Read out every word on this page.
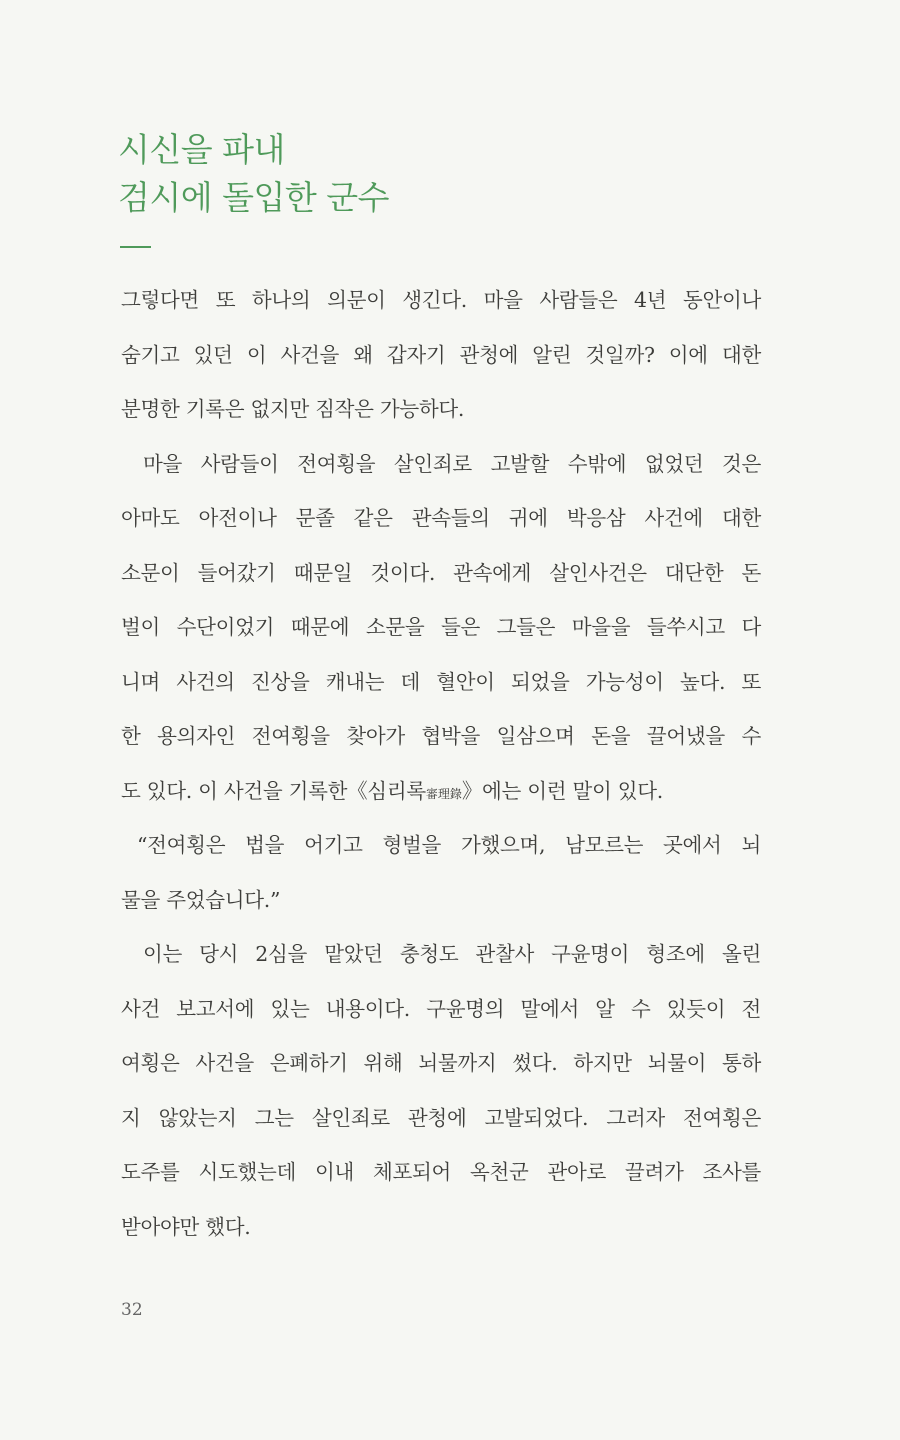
시신을 파내
검시에 돌입한 군수
그렇다면 또 하나의 의문이 생긴다. 마을 사람들은 4년 동안이나
숨기고 있던 이 사건을 왜 갑자기 관청에 알린 것일까? 이에 대한
분명한 기록은 없지만 짐작은 가능하다.
마을 사람들이 전여횡을 살인죄로 고발할 수밖에 없었던 것은
아마도 아전이나 문졸 같은 관속들의 귀에 박응삼 사건에 대한
소문이 들어갔기 때문일 것이다. 관속에게 살인사건은 대단한 돈
벌이 수단이었기 때문에 소문을 들은 그들은 마을을 들쑤시고 다
니며 사건의 진상을 캐내는 데 혈안이 되었을 가능성이 높다. 또
한 용의자인 전여횡을 찾아가 협박을 일삼으며 돈을 끌어냈을 수
도 있다. 이 사건을 기록한《심리록審理錄》에는 이런 말이 있다.
“전여횡은 법을 어기고 형벌을 가했으며, 남모르는 곳에서 뇌
물을 주었습니다.”
이는 당시 2심을 맡았던 충청도 관찰사 구윤명이 형조에 올린
사건 보고서에 있는 내용이다. 구윤명의 말에서 알 수 있듯이 전
여횡은 사건을 은폐하기 위해 뇌물까지 썼다. 하지만 뇌물이 통하
지 않았는지 그는 살인죄로 관청에 고발되었다. 그러자 전여횡은
도주를 시도했는데 이내 체포되어 옥천군 관아로 끌려가 조사를
받아야만 했다.
32
